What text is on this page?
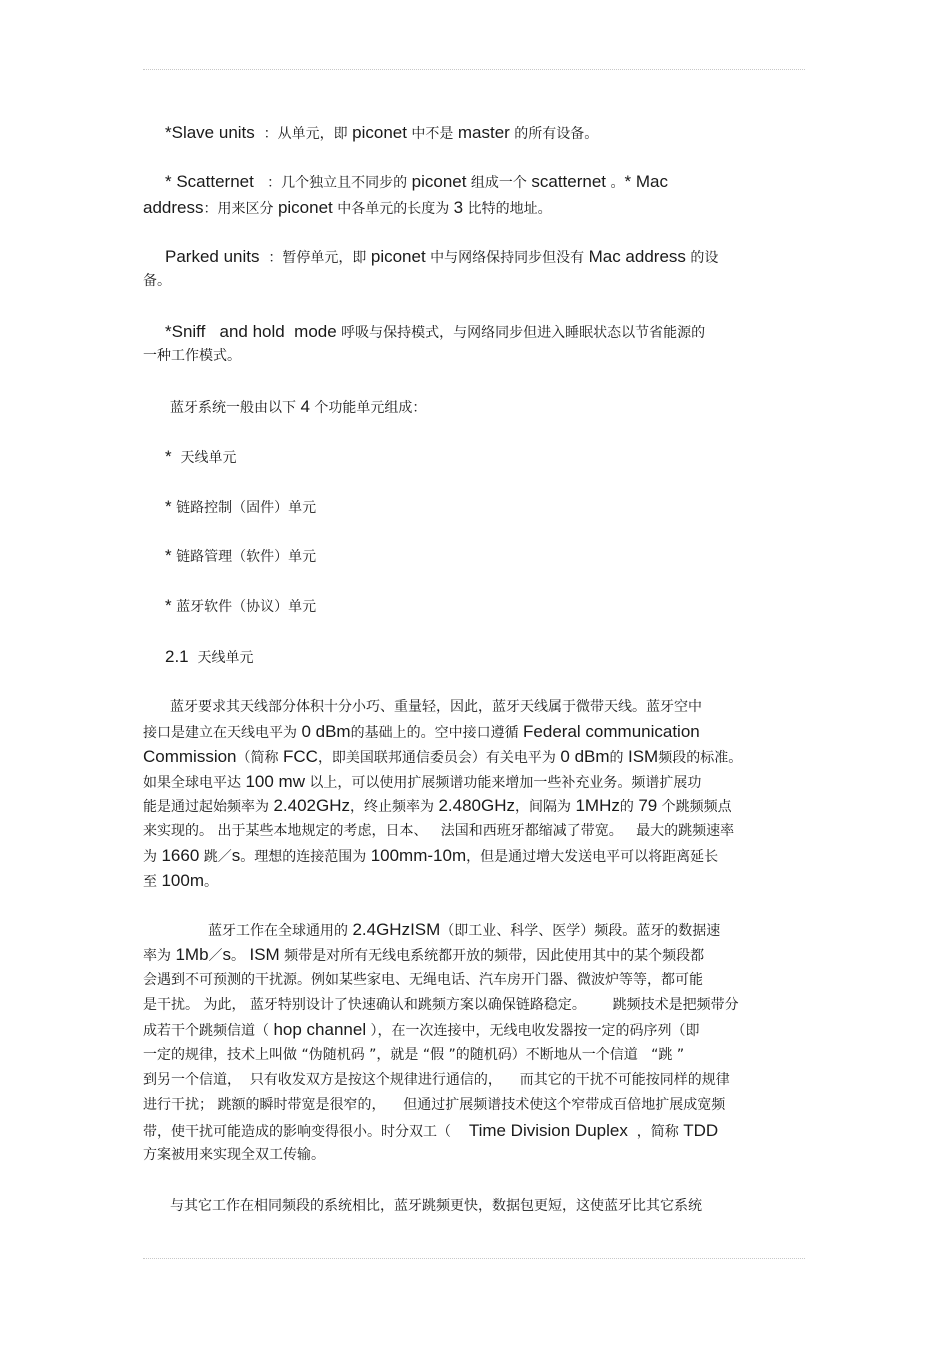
*Slave units  ：从单元，即 piconet 中不是 master 的所有设备。
* Scatternet   ：几个独立且不同步的 piconet 组成一个 scatternet 。* Mac
address：用来区分 piconet 中各单元的长度为 3 比特的地址。
Parked units  ：暂停单元，即 piconet 中与网络保持同步但没有 Mac address 的设
备。
*Sniff   and hold  mode 呼吸与保持模式，与网络同步但进入睡眠状态以节省能源的
一种工作模式。
蓝牙系统一般由以下 4 个功能单元组成：
*  天线单元
* 链路控制（固件）单元
* 链路管理（软件）单元
* 蓝牙软件（协议）单元
2.1  天线单元
蓝牙要求其天线部分体积十分小巧、重量轻，因此，蓝牙天线属于微带天线。蓝牙空中
接口是建立在天线电平为 0 dBm的基础上的。空中接口遵循 Federal communication
Commission（简称 FCC，即美国联邦通信委员会）有关电平为 0 dBm的 ISM频段的标准。
如果全球电平达 100 mw 以上，可以使用扩展频谱功能来增加一些补充业务。频谱扩展功
能是通过起始频率为 2.402GHz，终止频率为 2.480GHz，间隔为 1MHz的 79 个跳频频点
来实现的。 出于某些本地规定的考虑，日本、   法国和西班牙都缩减了带宽。   最大的跳频速率
为 1660 跳／s。理想的连接范围为 100mm-10m，但是通过增大发送电平可以将距离延长
至 100m。
蓝牙工作在全球通用的 2.4GHzISM（即工业、科学、医学）频段。蓝牙的数据速
率为 1Mb／s。 ISM 频带是对所有无线电系统都开放的频带，因此使用其中的某个频段都
会遇到不可预测的干扰源。例如某些家电、无绳电话、汽车房开门器、微波炉等等，都可能
是干扰。 为此， 蓝牙特别设计了快速确认和跳频方案以确保链路稳定。      跳频技术是把频带分
成若干个跳频信道（ hop channel ），在一次连接中，无线电收发器按一定的码序列（即
一定的规律，技术上叫做 “伪随机码 ”，就是 “假 ”的随机码）不断地从一个信道   “跳 ”
到另一个信道，  只有收发双方是按这个规律进行通信的，    而其它的干扰不可能按同样的规律
进行干扰； 跳额的瞬时带宽是很窄的，    但通过扩展频谱技术使这个窄带成百倍地扩展成宽频
带，使干扰可能造成的影响变得很小。时分双工（    Time Division Duplex  ，简称 TDD
方案被用来实现全双工传输。
与其它工作在相同频段的系统相比，蓝牙跳频更快，数据包更短，这使蓝牙比其它系统
